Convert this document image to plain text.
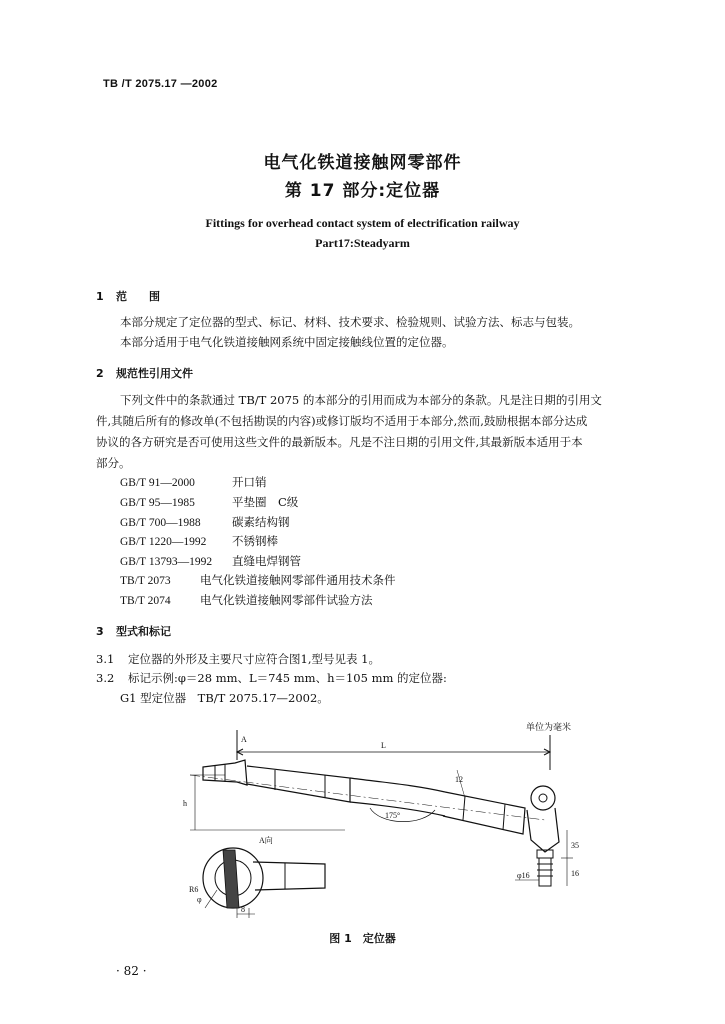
TB /T 2075.17 —2002
电气化铁道接触网零部件
第 17 部分:定位器
Fittings for overhead contact system of electrification railway
Part17:Steadyarm
1 范　　围
本部分规定了定位器的型式、标记、材料、技术要求、检验规则、试验方法、标志与包装。
本部分适用于电气化铁道接触网系统中固定接触线位置的定位器。
2 规范性引用文件
下列文件中的条款通过 TB/T 2075 的本部分的引用而成为本部分的条款。凡是注日期的引用文
件,其随后所有的修改单(不包括勘误的内容)或修订版均不适用于本部分,然而,鼓励根据本部分达成
协议的各方研究是否可使用这些文件的最新版本。凡是不注日期的引用文件,其最新版本适用于本
部分。
GB/T 91—2000	开口销
GB/T 95—1985	平垫圈　C级
GB/T 700—1988	碳素结构钢
GB/T 1220—1992 不锈钢棒
GB/T 13793—1992 直缝电焊钢管
TB/T 2073	电气化铁道接触网零部件通用技术条件
TB/T 2074	电气化铁道接触网零部件试验方法
3 型式和标记
3.1 定位器的外形及主要尺寸应符合图1,型号见表 1。
3.2 标记示例:φ＝28 mm、L＝745 mm、h＝105 mm 的定位器:
G1 型定位器　TB/T 2075.17—2002。
单位为毫米
L
A
h
175°
12
A向
φ16
35
16
R6
8
φ
图 1　定位器
· 82 ·
